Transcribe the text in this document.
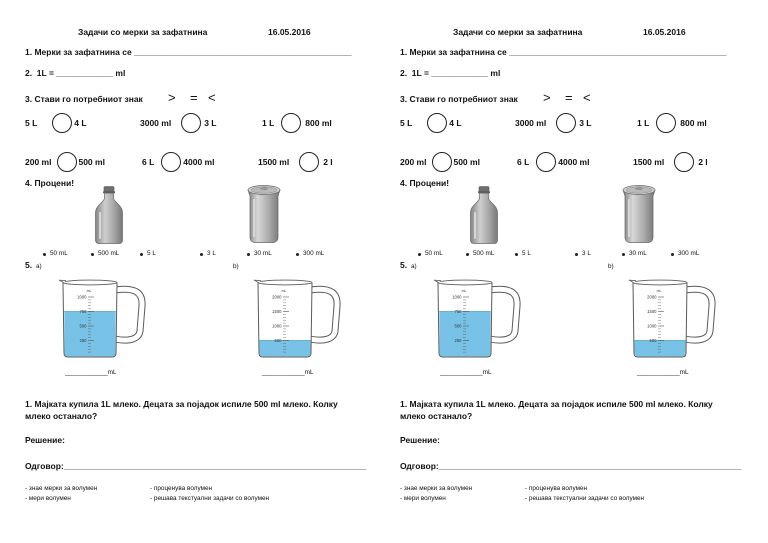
Задачи со мерки за зафатнина	16.05.2016
1. Мерки за зафатнина се ______________________________________________
2.  1L = ____________ ml
3. Стави го потребниот знак > = <
5 L	4 L	3000 ml	3 L	1 L	800 ml
200 ml	500 ml	6 L	4000 ml	1500 ml	2 l
4. Процени!
50 mL	500 mL	5 L	3 L	30 mL	300 mL
5. a)	b)
1000
750
500
250
mL
2000
1500
1000
500
mL
____________mL	____________mL
1. Мајката купила 1L млеко. Децата за појадок испиле 500 ml млеко. Колку
млеко останало?
Решение:
Одговор:________________________________________________________________
- знае мерки за волумен	- проценува волумен
- мери волумен	- решава текстуални задачи со волумен
Задачи со мерки за зафатнина	16.05.2016
1. Мерки за зафатнина се ______________________________________________
2.  1L = ____________ ml
3. Стави го потребниот знак > = <
5 L	4 L	3000 ml	3 L	1 L	800 ml
200 ml	500 ml	6 L	4000 ml	1500 ml	2 l
4. Процени!
50 mL	500 mL	5 L	3 L	30 mL	300 mL
5. a)	b)
1000
750
500
250
mL
2000
1500
1000
500
mL
____________mL	____________mL
1. Мајката купила 1L млеко. Децата за појадок испиле 500 ml млеко. Колку
млеко останало?
Решение:
Одговор:________________________________________________________________
- знае мерки за волумен	- проценува волумен
- мери волумен	- решава текстуални задачи со волумен
